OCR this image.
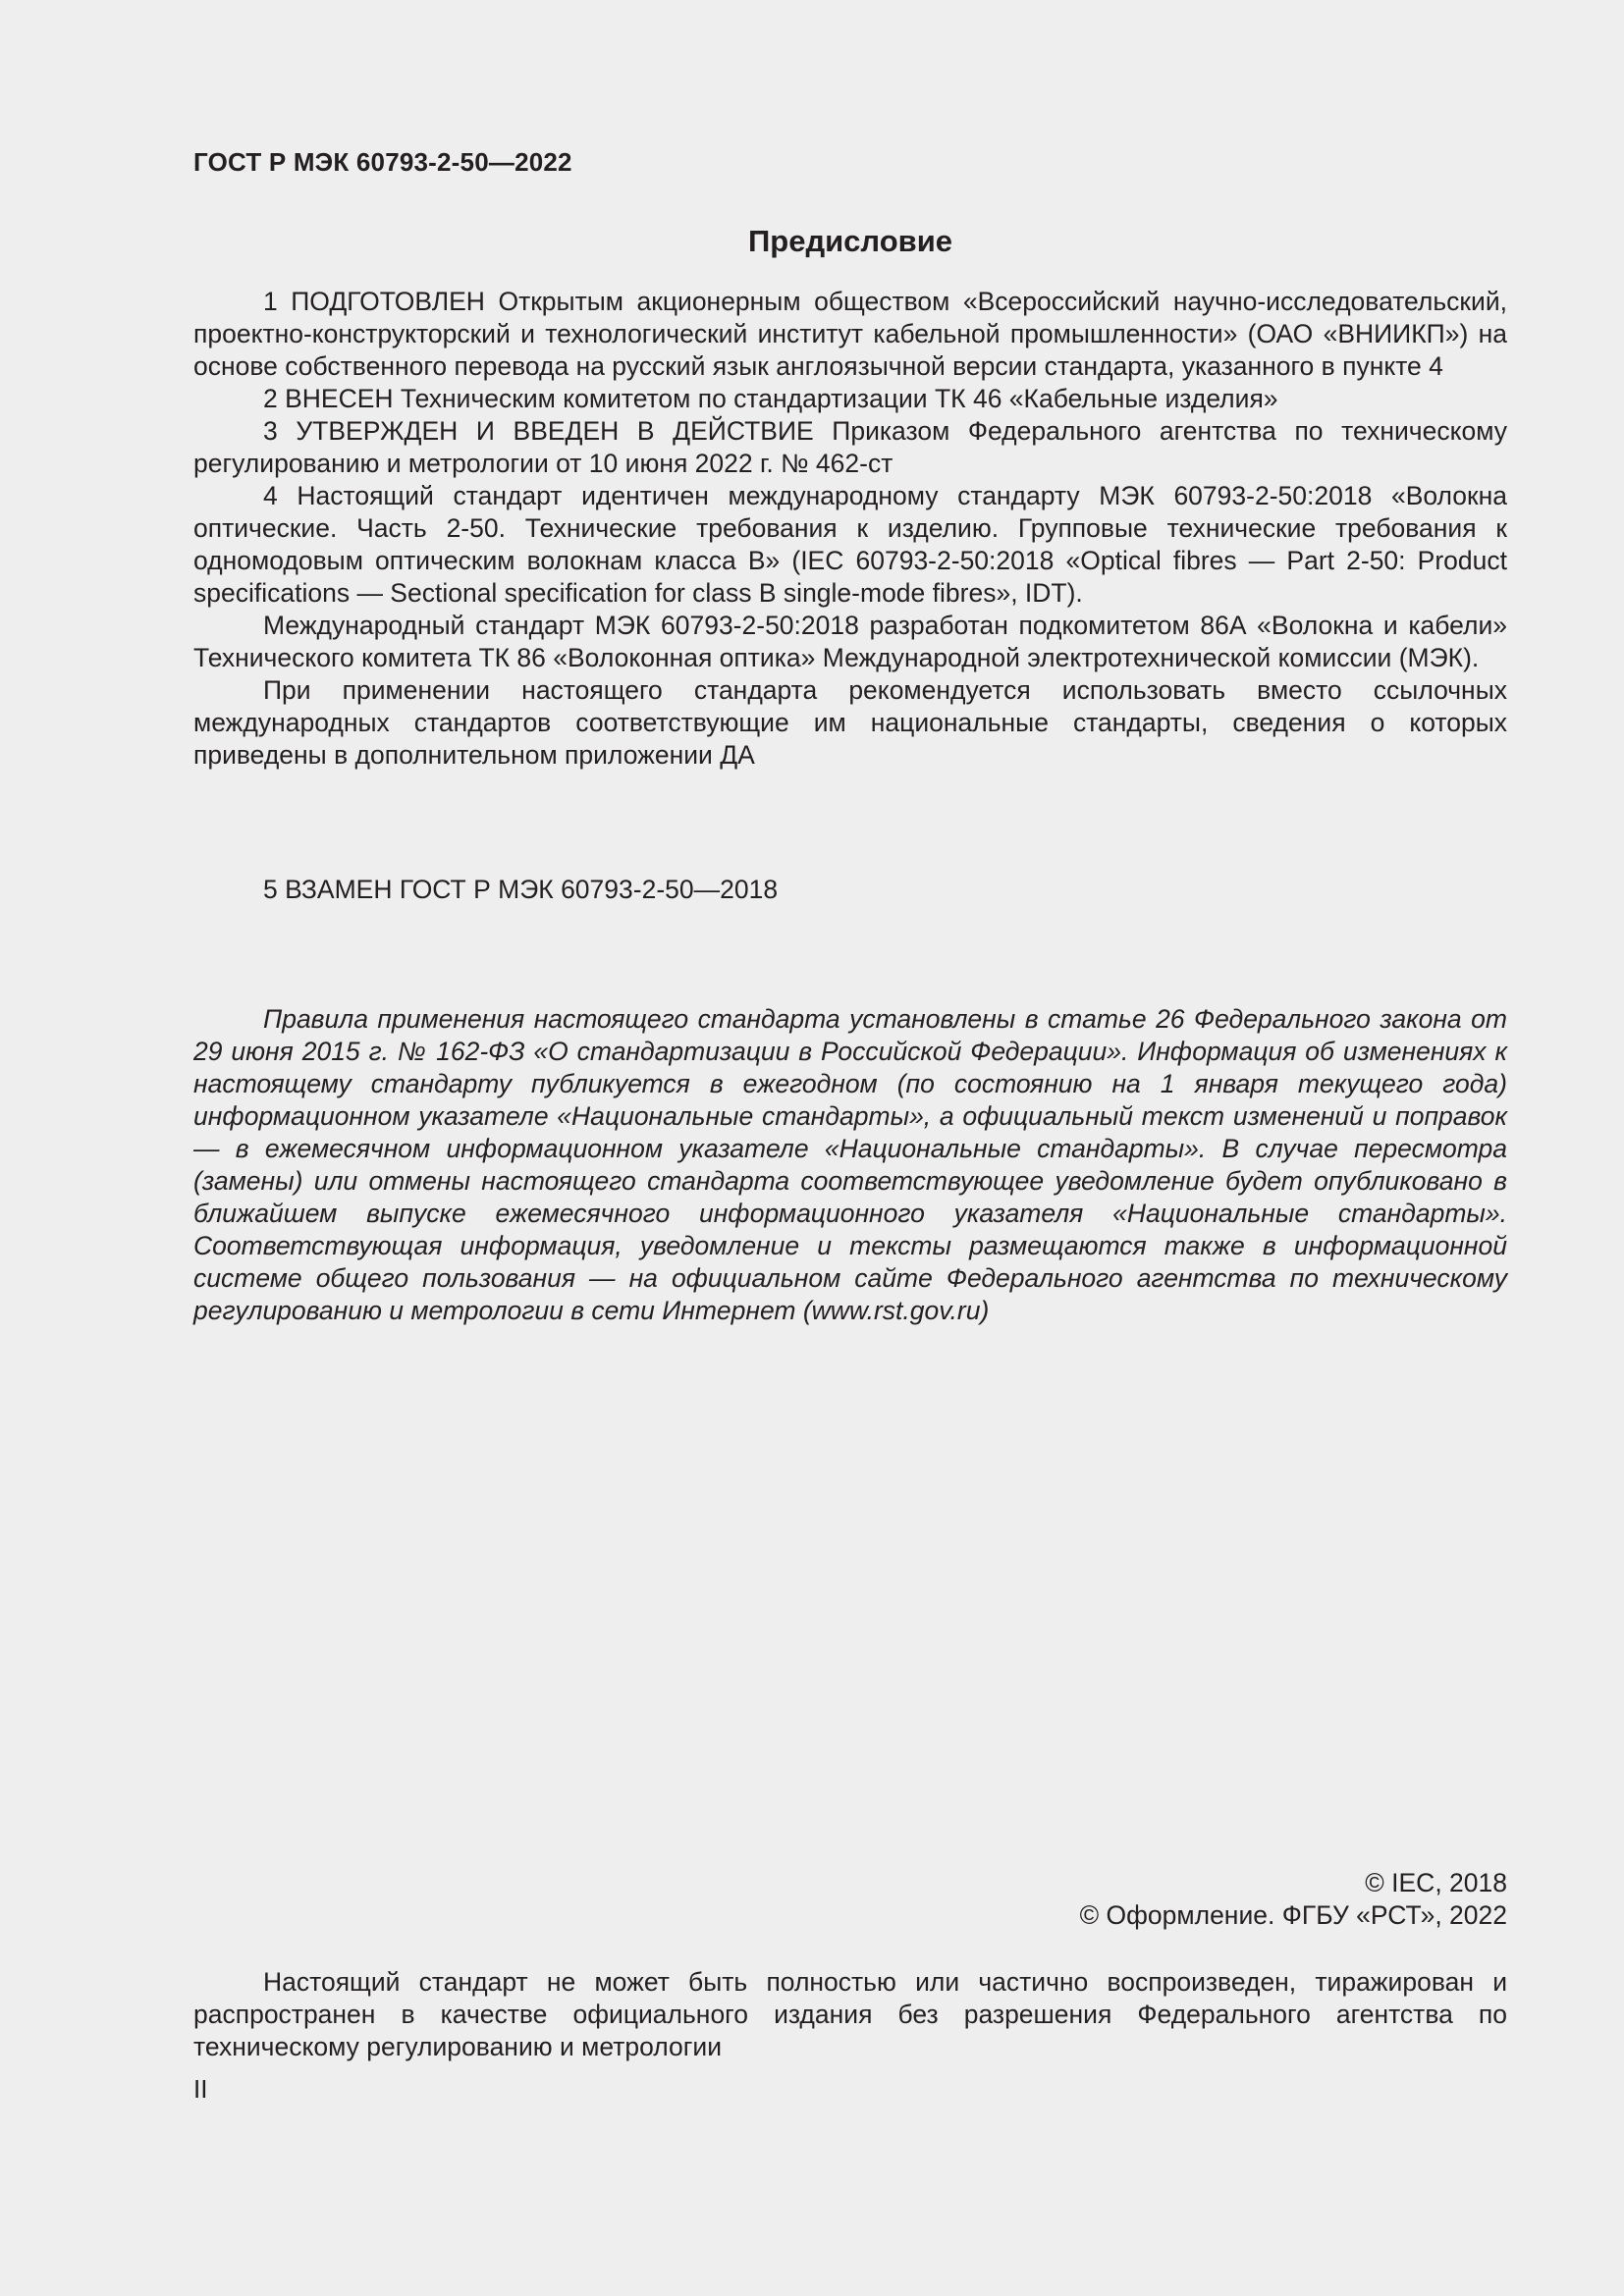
ГОСТ Р МЭК 60793-2-50—2022
Предисловие

1 ПОДГОТОВЛЕН Открытым акционерным обществом «Всероссийский научно-исследовательский, проектно-конструкторский и технологический институт кабельной промышленности» (ОАО «ВНИИКП») на основе собственного перевода на русский язык англоязычной версии стандарта, указанного в пункте 4

2 ВНЕСЕН Техническим комитетом по стандартизации ТК 46 «Кабельные изделия»

3 УТВЕРЖДЕН И ВВЕДЕН В ДЕЙСТВИЕ Приказом Федерального агентства по техническому регулированию и метрологии от 10 июня 2022 г. № 462-ст

4 Настоящий стандарт идентичен международному стандарту МЭК 60793-2-50:2018 «Волокна оптические. Часть 2-50. Технические требования к изделию. Групповые технические требования к одномодовым оптическим волокнам класса В» (IEC 60793-2-50:2018 «Optical fibres — Part 2-50: Product specifications — Sectional specification for class B single-mode fibres», IDT).

Международный стандарт МЭК 60793-2-50:2018 разработан подкомитетом 86А «Волокна и кабели» Технического комитета ТК 86 «Волоконная оптика» Международной электротехнической комиссии (МЭК).

При применении настоящего стандарта рекомендуется использовать вместо ссылочных международных стандартов соответствующие им национальные стандарты, сведения о которых приведены в дополнительном приложении ДА

5 ВЗАМЕН ГОСТ Р МЭК 60793-2-50—2018

Правила применения настоящего стандарта установлены в статье 26 Федерального закона от 29 июня 2015 г. № 162-ФЗ «О стандартизации в Российской Федерации». Информация об изменениях к настоящему стандарту публикуется в ежегодном (по состоянию на 1 января текущего года) информационном указателе «Национальные стандарты», а официальный текст изменений и поправок — в ежемесячном информационном указателе «Национальные стандарты». В случае пересмотра (замены) или отмены настоящего стандарта соответствующее уведомление будет опубликовано в ближайшем выпуске ежемесячного информационного указателя «Национальные стандарты». Соответствующая информация, уведомление и тексты размещаются также в информационной системе общего пользования — на официальном сайте Федерального агентства по техническому регулированию и метрологии в сети Интернет (www.rst.gov.ru)

© IEC, 2018
© Оформление. ФГБУ «РСТ», 2022

Настоящий стандарт не может быть полностью или частично воспроизведен, тиражирован и распространен в качестве официального издания без разрешения Федерального агентства по техническому регулированию и метрологии

II
